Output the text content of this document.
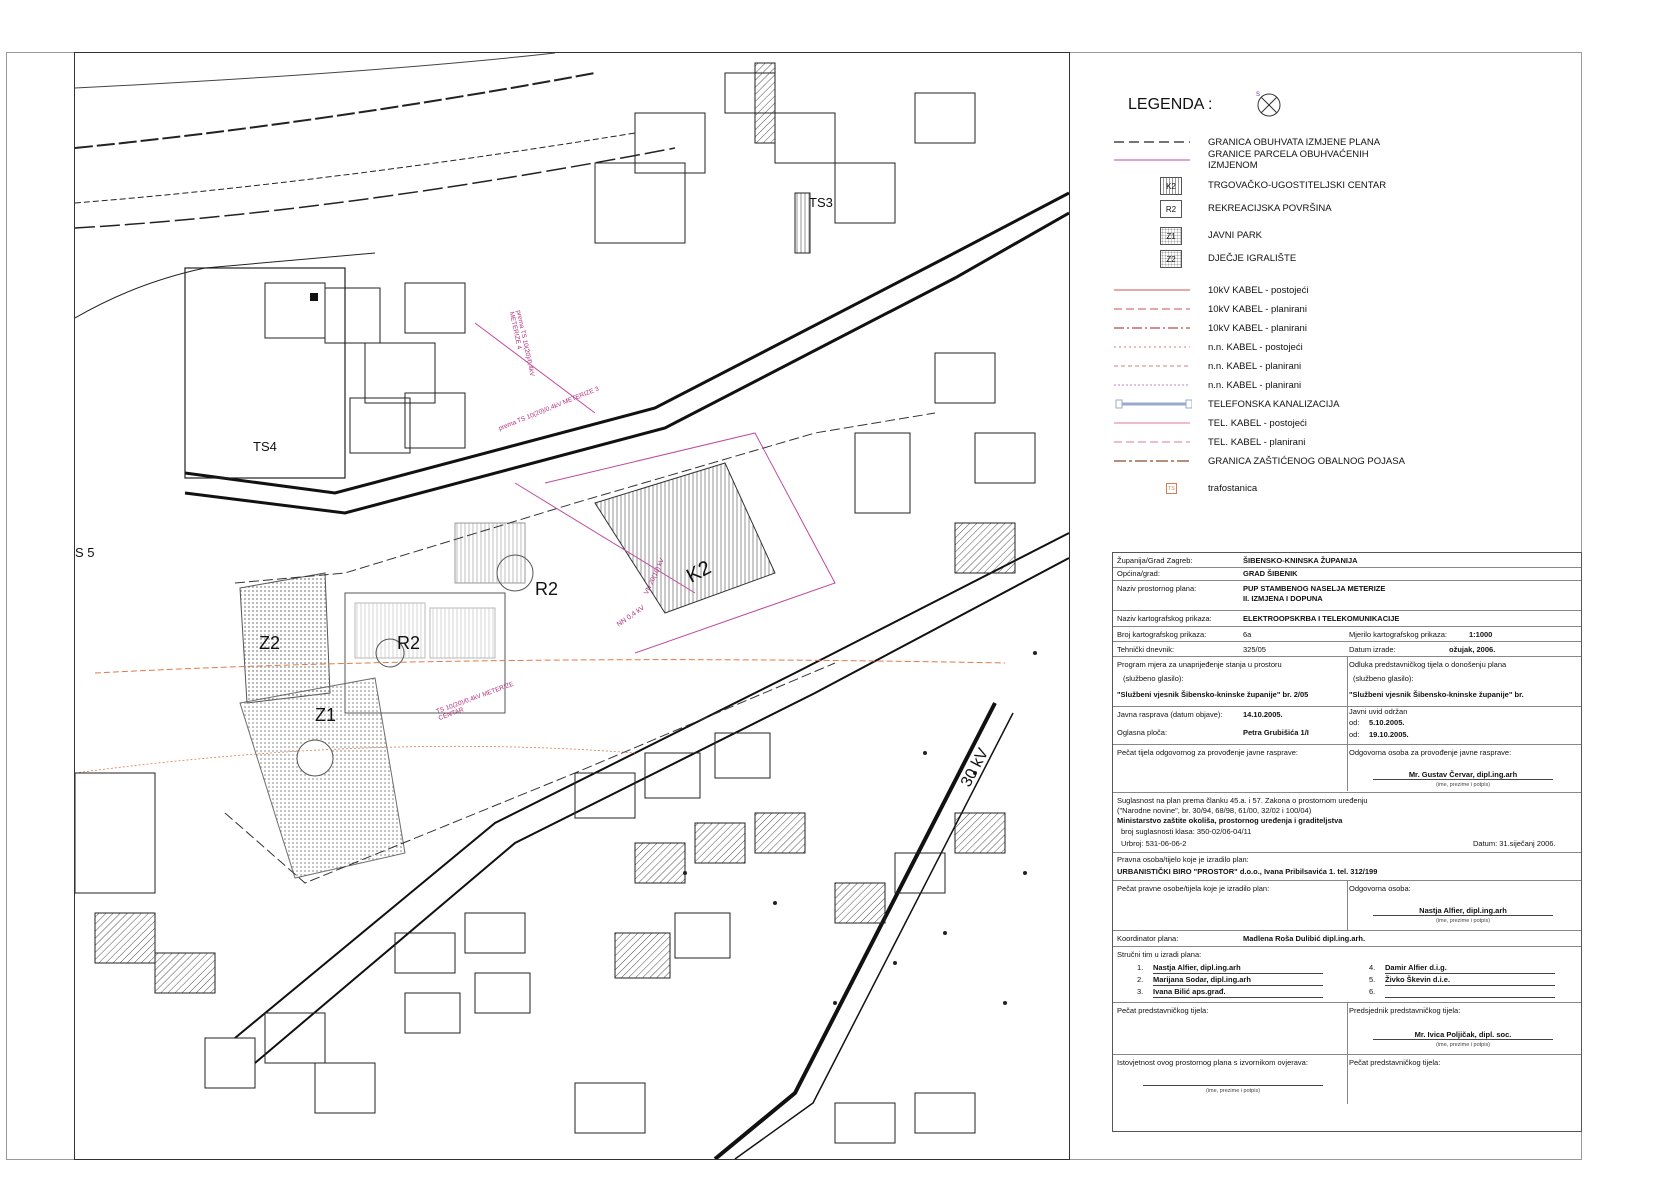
K2
R2
R2
Z2
Z1
TS3
TS4
S 5
30 kV
NN 0,4 kV
TS 10(20)/0,4kV METERIZE CENTAR
prema TS 10(20)/0,4kV METERIZE 3
prema TS 10(20)/0,4kV METERIZE 4
VN 20(10) kV
LEGENDA :
S
GRANICA OBUHVATA IZMJENE PLANA
GRANICE PARCELA OBUHVAĆENIH IZMJENOM
K2	TRGOVAČKO-UGOSTITELJSKI CENTAR
R2	REKREACIJSKA POVRŠINA
Z1	JAVNI PARK
Z2	DJEČJE IGRALIŠTE
10kV KABEL - postojeći
10kV KABEL - planirani
10kV KABEL - planirani
n.n. KABEL - postojeći
n.n. KABEL - planirani
n.n. KABEL - planirani
TELEFONSKA KANALIZACIJA
TEL. KABEL - postojeći
TEL. KABEL - planirani
GRANICA ZAŠTIĆENOG OBALNOG POJASA
TS	trafostanica
Županija/Grad Zagreb:	ŠIBENSKO-KNINSKA ŽUPANIJA
Općina/grad:	GRAD ŠIBENIK
Naziv prostornog plana:	PUP STAMBENOG NASELJA METERIZE
II. IZMJENA I DOPUNA
Naziv kartografskog prikaza:	ELEKTROOPSKRBA I TELEKOMUNIKACIJE
Broj kartografskog prikaza:	6a	Mjerilo kartografskog prikaza:	1:1000
Tehnički dnevnik:	325/05	Datum izrade:	ožujak, 2006.
Program mjera za unaprijeđenje stanja u prostoru
(službeno glasilo):
"Službeni vjesnik Šibensko-kninske županije" br. 2/05
Odluka predstavničkog tijela o donošenju plana
(službeno glasilo):
"Službeni vjesnik Šibensko-kninske županije" br.
Javna rasprava (datum objave):	14.10.2005.
Oglasna ploča:	Petra Grubišića 1/I
Javni uvid održan
od: 5.10.2005.
od: 19.10.2005.
Pečat tijela odgovornog za provođenje javne rasprave:	Odgovorna osoba za provođenje javne rasprave:
Mr. Gustav Červar, dipl.ing.arh
(ime, prezime i potpis)
Suglasnost na plan prema članku 45.a. i 57. Zakona o prostornom uređenju
("Narodne novine", br. 30/94, 68/98, 61/00, 32/02 i 100/04)
Ministarstvo zaštite okoliša, prostornog uređenja i graditeljstva
broj suglasnosti klasa: 350-02/06-04/11
Urbroj: 531-06-06-2	Datum: 31.siječanj 2006.
Pravna osoba/tijelo koje je izradilo plan:
URBANISTIČKI BIRO "PROSTOR" d.o.o., Ivana Pribilsavića 1. tel. 312/199
Pečat pravne osobe/tijela koje je izradilo plan:	Odgovorna osoba:
Nastja Alfier, dipl.ing.arh
(ime, prezime i potpis)
Koordinator plana:	Madlena Roša Dulibić dipl.ing.arh.
Stručni tim u izradi plana:
1. Nastja Alfier, dipl.ing.arh
2. Marijana Sodar, dipl.ing.arh
3. Ivana Bilić aps.građ.
4. Damir Alfier d.i.g.
5. Živko Škevin d.i.e.
6.
Pečat predstavničkog tijela:	Predsjednik predstavničkog tijela:
Mr. Ivica Poljičak, dipl. soc.
(ime, prezime i potpis)
Istovjetnost ovog prostornog plana s izvornikom ovjerava:
(ime, prezime i potpis)
Pečat predstavničkog tijela:
